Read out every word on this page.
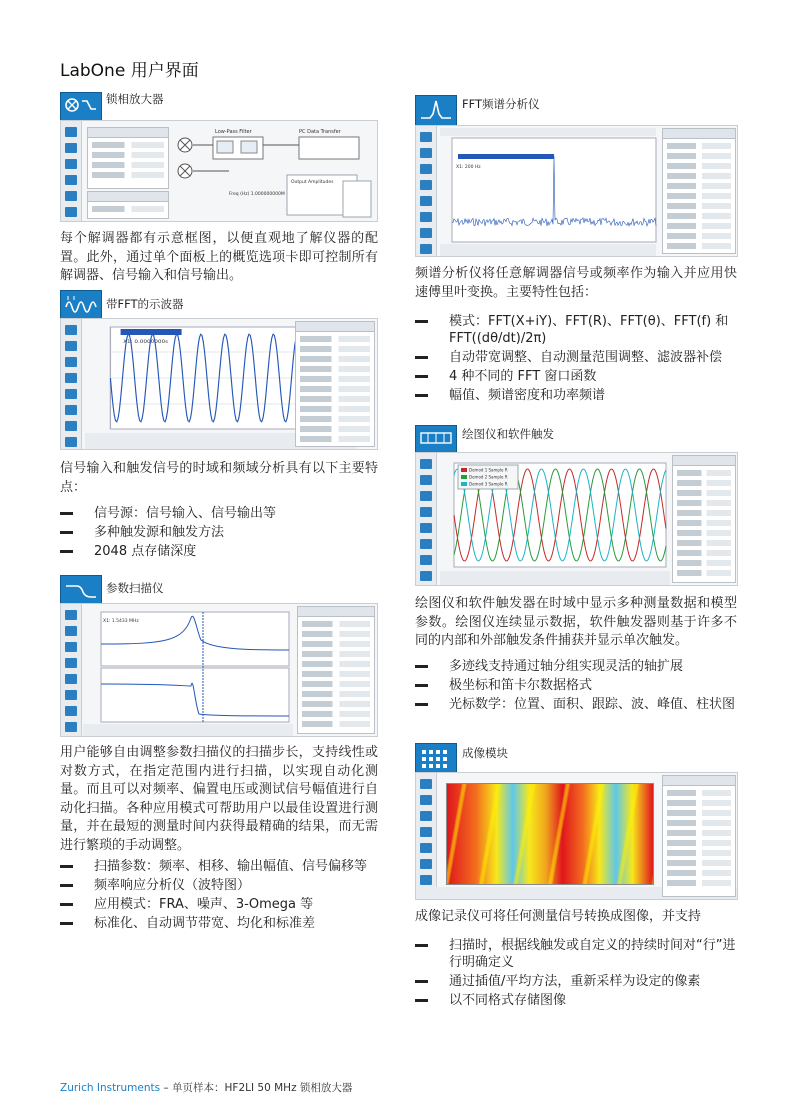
LabOne 用户界面
锁相放大器
Low-Pass Filter	PC Data Transfer
Freq (Hz) 1.000000000M
Output Amplitudes
每个解调器都有示意框图，以便直观地了解仪器的配置。此外，通过单个面板上的概览选项卡即可控制所有解调器、信号输入和信号输出。
带FFT的示波器
X1: 0.0000000s
信号输入和触发信号的时域和频域分析具有以下主要特点：
信号源：信号输入、信号输出等
多种触发源和触发方法
2048 点存储深度
参数扫描仪
X1: 1.5433 MHz
用户能够自由调整参数扫描仪的扫描步长，支持线性或对数方式，在指定范围内进行扫描，以实现自动化测量。而且可以对频率、偏置电压或测试信号幅值进行自动化扫描。各种应用模式可帮助用户以最佳设置进行测量，并在最短的测量时间内获得最精确的结果，而无需进行繁琐的手动调整。
扫描参数：频率、相移、输出幅值、信号偏移等
频率响应分析仪（波特图）
应用模式：FRA、噪声、3-Omega 等
标准化、自动调节带宽、均化和标准差
FFT频谱分析仪
X1: 200 Hz
频谱分析仪将任意解调器信号或频率作为输入并应用快速傅里叶变换。主要特性包括：
模式：FFT(X+iY)、FFT(R)、FFT(θ)、FFT(f) 和 FFT((dθ/dt)/2π)
自动带宽调整、自动测量范围调整、滤波器补偿
4 种不同的 FFT 窗口函数
幅值、频谱密度和功率频谱
绘图仪和软件触发
Demod 1 Sample R
Demod 2 Sample R
Demod 3 Sample R
绘图仪和软件触发器在时域中显示多种测量数据和模型参数。绘图仪连续显示数据，软件触发器则基于许多不同的内部和外部触发条件捕获并显示单次触发。
多迹线支持通过轴分组实现灵活的轴扩展
极坐标和笛卡尔数据格式
光标数学：位置、面积、跟踪、波、峰值、柱状图
成像模块
成像记录仪可将任何测量信号转换成图像，并支持
扫描时，根据线触发或自定义的持续时间对“行”进行明确定义
通过插值/平均方法，重新采样为设定的像素
以不同格式存储图像
Zurich Instruments – 单页样本：HF2LI 50 MHz 锁相放大器
